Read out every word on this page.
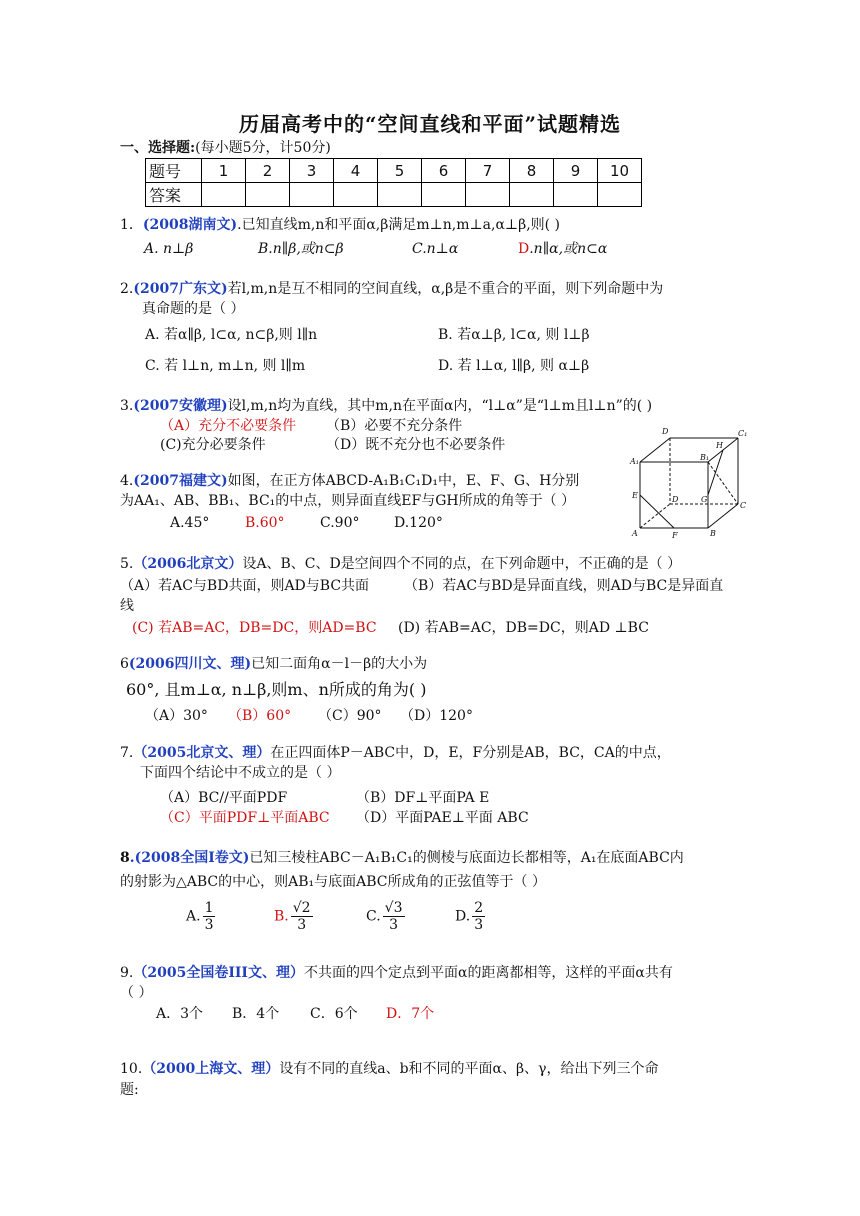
历届高考中的“空间直线和平面”试题精选
一、选择题:(每小题5分，计50分)
题号	1	2	3	4	5	6	7	8	9	10
答案										
1．(2008湖南文).已知直线m,n和平面α,β满足m⊥n,m⊥a,α⊥β,则( )
A. n⊥β	B.n∥β,或n⊂β	C.n⊥α	D.n∥α,或n⊂α
2.(2007广东文)若l,m,n是互不相同的空间直线，α,β是不重合的平面，则下列命题中为
真命题的是（ ）
A. 若α∥β, l⊂α, n⊂β,则 l∥n	B. 若α⊥β, l⊂α, 则 l⊥β
C. 若 l⊥n, m⊥n, 则 l∥m	D. 若 l⊥α, l∥β, 则 α⊥β
3.(2007安徽理)设l,m,n均为直线，其中m,n在平面α内，“l⊥α”是“l⊥m且l⊥n”的( )
（A）充分不必要条件 （B）必要不充分条件
(C)充分必要条件	（D）既不充分也不必要条件
4.(2007福建文)如图，在正方体ABCD-A₁B₁C₁D₁中，E、F、G、H分别
为AA₁、AB、BB₁、BC₁的中点，则异面直线EF与GH所成的角等于（ ）
A.45°	B.60°	C.90° D.120°
D	C₁
A₁	B₁
H
E	G
D
A	F	B
C
5.（2006北京文）设A、B、C、D是空间四个不同的点，在下列命题中，不正确的是（ ）
（A）若AC与BD共面，则AD与BC共面 （B）若AC与BD是异面直线，则AD与BC是异面直
线
(C) 若AB=AC，DB=DC，则AD=BC (D) 若AB=AC，DB=DC，则AD ⊥BC
6(2006四川文、理)已知二面角α－l－β的大小为
60°, 且m⊥α, n⊥β,则m、n所成的角为( )
（A）30° （B）60° （C）90° （D）120°
7.（2005北京文、理）在正四面体P－ABC中，D，E，F分别是AB，BC，CA的中点，
下面四个结论中不成立的是（ ）
（A）BC//平面PDF	（B）DF⊥平面PA E
（C）平面PDF⊥平面ABC （D）平面PAE⊥平面 ABC
8.(2008全国Ⅰ卷文)已知三棱柱ABC－A₁B₁C₁的侧棱与底面边长都相等，A₁在底面ABC内
的射影为△ABC的中心，则AB₁与底面ABC所成角的正弦值等于（ ）
A. $\frac{1}{3}$	B. $\frac{√2}{3}$	C. $\frac{√3}{3}$	D. $\frac{2}{3}$
9.（2005全国卷III文、理）不共面的四个定点到平面α的距离都相等，这样的平面α共有
（ ）
A．3个 B．4个 C．6个 D．7个
10.（2000上海文、理）设有不同的直线a、b和不同的平面α、β、γ，给出下列三个命
题:
